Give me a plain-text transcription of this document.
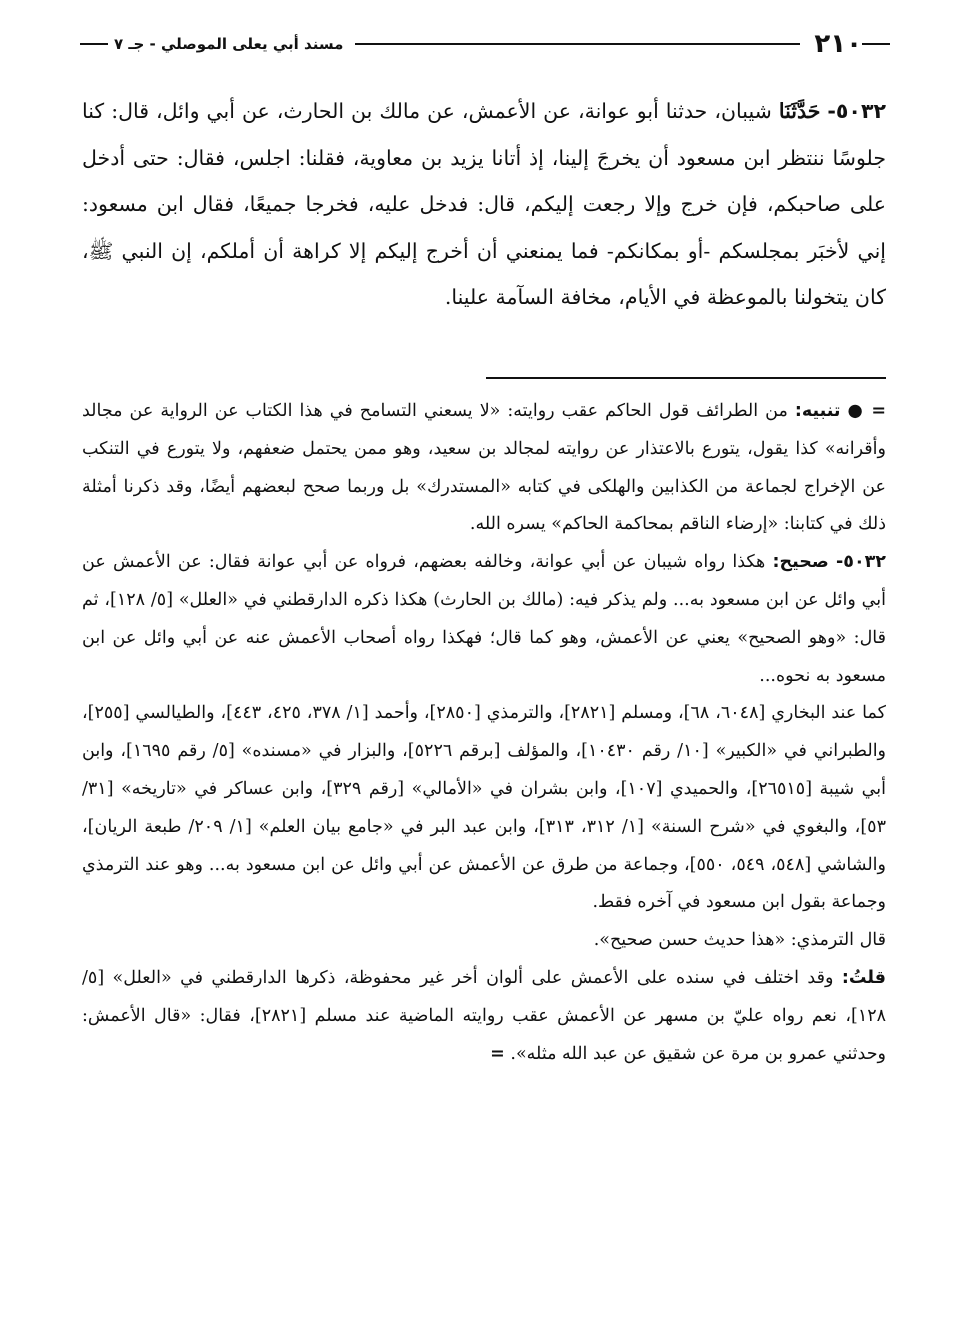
٢١٠
مسند أبي يعلى الموصلي - جـ ٧
٥٠٣٢- حَدَّثَنَا شيبان، حدثنا أبو عوانة، عن الأعمش، عن مالك بن الحارث، عن أبي وائل، قال: كنا جلوسًا ننتظر ابن مسعود أن يخرجَ إلينا، إذ أتانا يزيد بن معاوية، فقلنا: اجلس، فقال: حتى أدخل على صاحبكم، فإن خرج وإلا رجعت إليكم، قال: فدخل عليه، فخرجا جميعًا، فقال ابن مسعود: إني لأخبَر بمجلسكم -أو بمكانكم- فما يمنعني أن أخرج إليكم إلا كراهة أن أملكم، إن النبي ﷺ، كان يتخولنا بالموعظة في الأيام، مخافة السآمة علينا.

= ● تنبيه: من الطرائف قول الحاكم عقب روايته: «لا يسعني التسامح في هذا الكتاب عن الرواية عن مجالد وأقرانه» كذا يقول، يتورع بالاعتذار عن روايته لمجالد بن سعيد، وهو ممن يحتمل ضعفهم، ولا يتورع في التنكب عن الإخراج لجماعة من الكذابين والهلكى في كتابه «المستدرك» بل وربما صحح لبعضهم أيضًا، وقد ذكرنا أمثلة ذلك في كتابنا: «إرضاء الناقم بمحاكمة الحاكم» يسره الله.

٥٠٣٢- صحيح: هكذا رواه شيبان عن أبي عوانة، وخالفه بعضهم، فرواه عن أبي عوانة فقال: عن الأعمش عن أبي وائل عن ابن مسعود به... ولم يذكر فيه: (مالك بن الحارث) هكذا ذكره الدارقطني في «العلل» [٥/ ١٢٨]، ثم قال: «وهو الصحيح» يعني عن الأعمش، وهو كما قال؛ فهكذا رواه أصحاب الأعمش عنه عن أبي وائل عن ابن مسعود به نحوه...

كما عند البخاري [٦٠٤٨، ٦٨]، ومسلم [٢٨٢١]، والترمذي [٢٨٥٠]، وأحمد [١/ ٣٧٨، ٤٢٥، ٤٤٣]، والطيالسي [٢٥٥]، والطبراني في «الكبير» [١٠/ رقم ١٠٤٣٠]، والمؤلف [برقم ٥٢٢٦]، والبزار في «مسنده» [٥/ رقم ١٦٩٥]، وابن أبي شيبة [٢٦٥١٥]، والحميدي [١٠٧]، وابن بشران في «الأمالي» [رقم ٣٢٩]، وابن عساكر في «تاريخه» [٣١/ ٥٣]، والبغوي في «شرح السنة» [١/ ٣١٢، ٣١٣]، وابن عبد البر في «جامع بيان العلم» [١/ ٢٠٩/ طبعة الريان]، والشاشي [٥٤٨، ٥٤٩، ٥٥٠]، وجماعة من طرق عن الأعمش عن أبي وائل عن ابن مسعود به... وهو عند الترمذي وجماعة بقول ابن مسعود في آخره فقط.

قال الترمذي: «هذا حديث حسن صحيح».

قلتُ: وقد اختلف في سنده على الأعمش على ألوان أخر غير محفوظة، ذكرها الدارقطني في «العلل» [٥/ ١٢٨]، نعم رواه عليّ بن مسهر عن الأعمش عقب روايته الماضية عند مسلم [٢٨٢١]، فقال: «قال الأعمش: وحدثني عمرو بن مرة عن شقيق عن عبد الله مثله». =
